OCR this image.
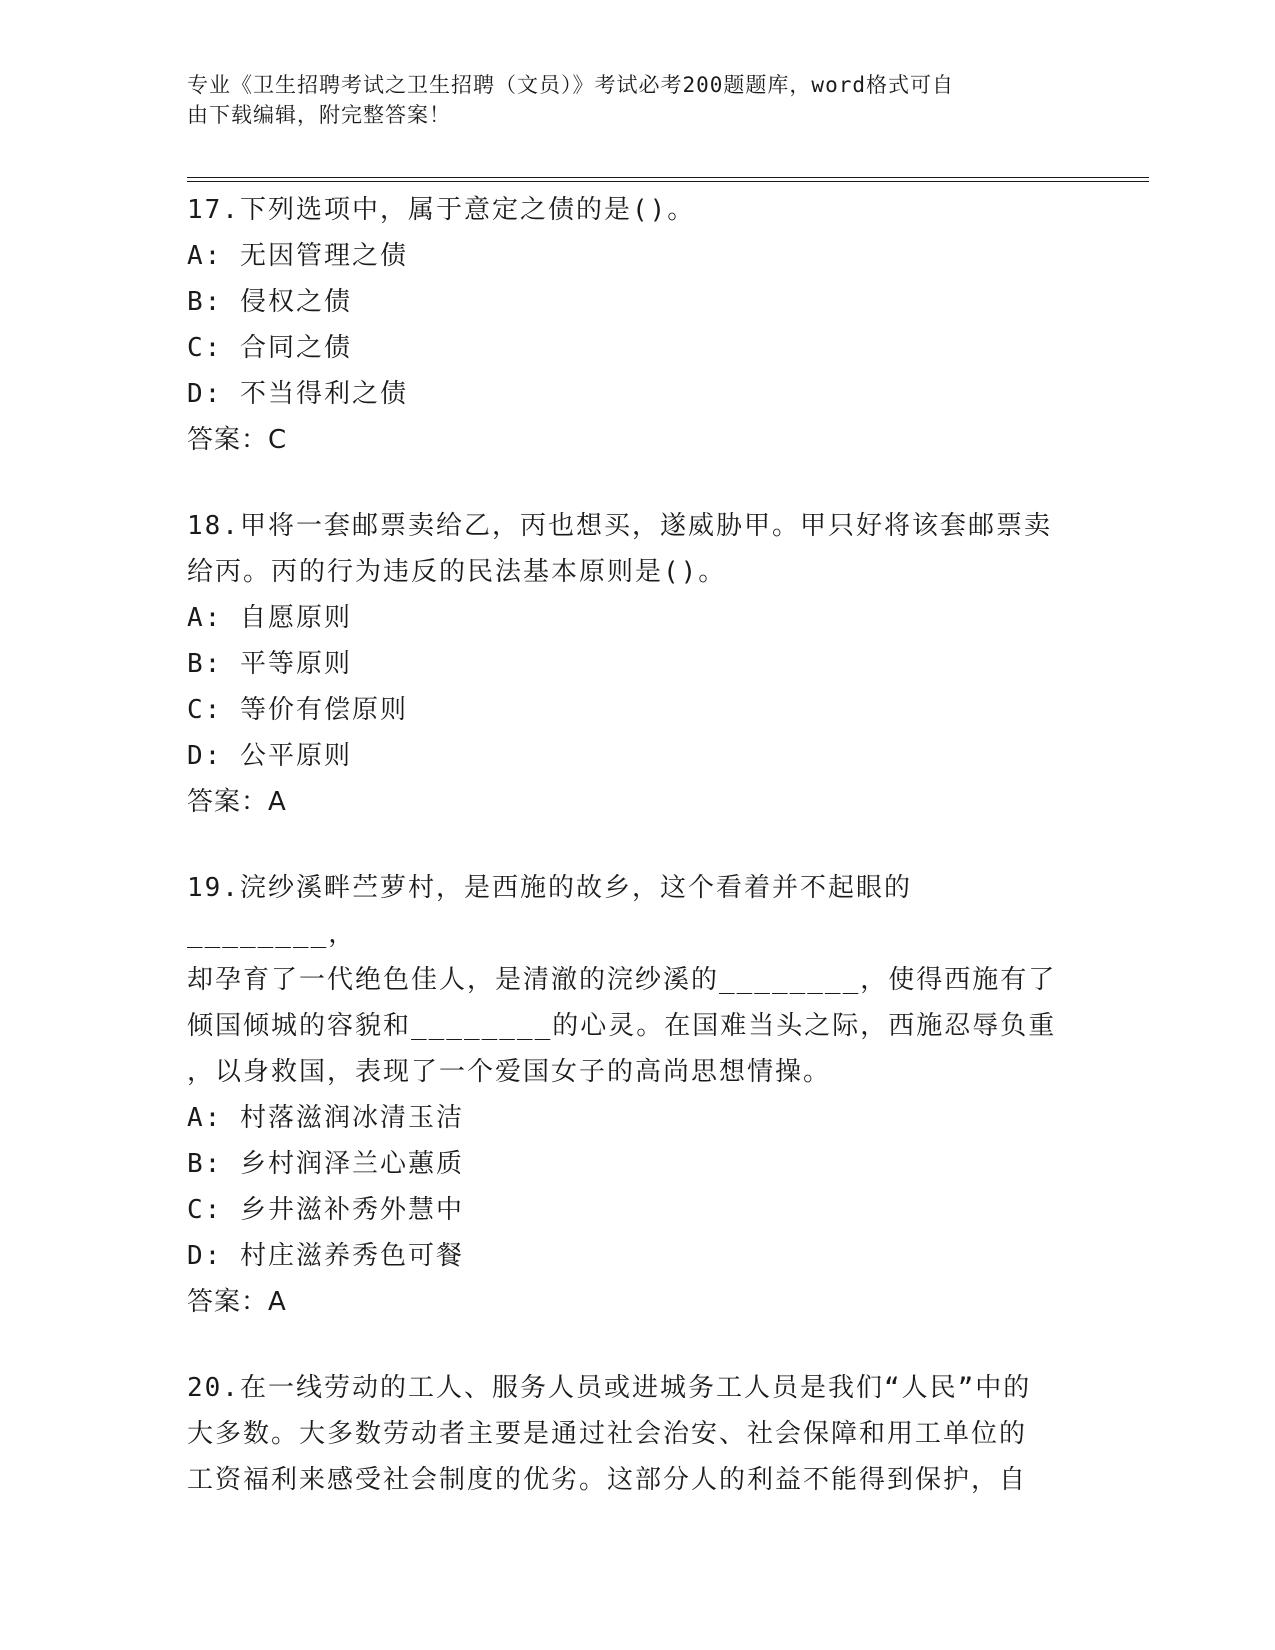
专业《卫生招聘考试之卫生招聘（文员）》考试必考200题题库，word格式可自
由下载编辑，附完整答案！

17.下列选项中，属于意定之债的是()。

A: 无因管理之债

B: 侵权之债

C: 合同之债

D: 不当得利之债

答案：C

18.甲将一套邮票卖给乙，丙也想买，遂威胁甲。甲只好将该套邮票卖

给丙。丙的行为违反的民法基本原则是()。

A: 自愿原则

B: 平等原则

C: 等价有偿原则

D: 公平原则

答案：A

19.浣纱溪畔苎萝村，是西施的故乡，这个看着并不起眼的________，

却孕育了一代绝色佳人，是清澈的浣纱溪的________，使得西施有了

倾国倾城的容貌和________的心灵。在国难当头之际，西施忍辱负重

，以身救国，表现了一个爱国女子的高尚思想情操。

A: 村落滋润冰清玉洁

B: 乡村润泽兰心蕙质

C: 乡井滋补秀外慧中

D: 村庄滋养秀色可餐

答案：A

20.在一线劳动的工人、服务人员或进城务工人员是我们“人民”中的

大多数。大多数劳动者主要是通过社会治安、社会保障和用工单位的

工资福利来感受社会制度的优劣。这部分人的利益不能得到保护，自
